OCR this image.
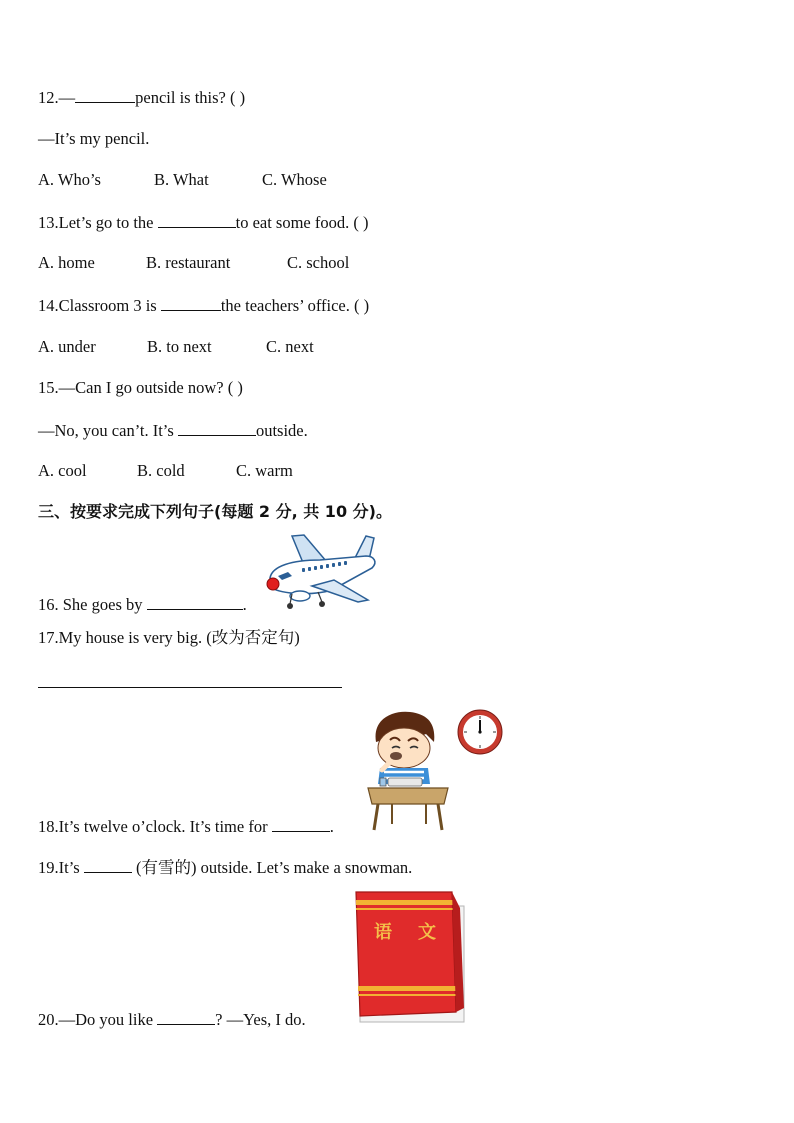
12.—	pencil is this? ( )
—It’s my pencil.
A. Who’s	B. What	C. Whose
13.Let’s go to the	to eat some food. ( )
A. home	B. restaurant	C. school
14.Classroom 3 is	the teachers’ office. ( )
A. under	B. to next	C. next
15.—Can I go outside now? ( )
—No, you can’t. It’s	outside.
A. cool	B. cold	C. warm
三、按要求完成下列句子(每题 2 分, 共 10 分)。
16. She goes by	.
17.My house is very big. (改为否定句)
18.It’s twelve o’clock. It’s time for	.
19.It’s	(有雪的) outside. Let’s make a snowman.
语 文
20.—Do you like	? —Yes, I do.
